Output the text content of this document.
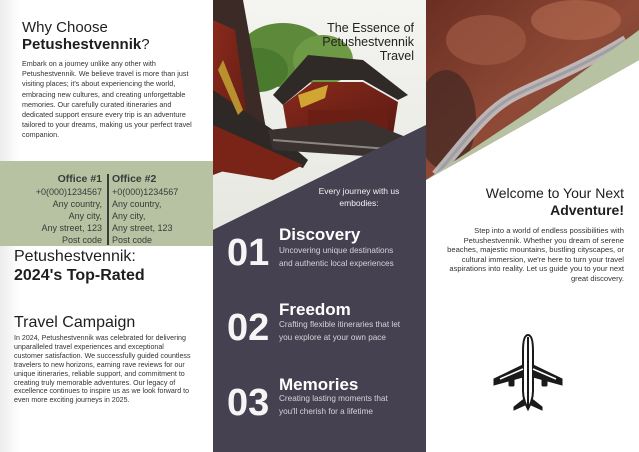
Why Choose
Petushestvennik?
Embark on a journey unlike any other with Petushestvennik. We believe travel is more than just visiting places; it's about experiencing the world, embracing new cultures, and creating unforgettable memories. Our carefully curated itineraries and dedicated support ensure every trip is an adventure tailored to your dreams, making us your perfect travel companion.
Office #1
+0(000)1234567
Any country,
Any city,
Any street, 123
Post code
Office #2
+0(000)1234567
Any country,
Any city,
Any street, 123
Post code
Petushestvennik:
2024's Top-Rated
Travel Campaign
In 2024, Petushestvennik was celebrated for delivering unparalleled travel experiences and exceptional customer satisfaction. We successfully guided countless travelers to new horizons, earning rave reviews for our unique itineraries, reliable support, and commitment to creating truly memorable adventures. Our legacy of excellence continues to inspire us as we look forward to even more exciting journeys in 2025.
The Essence of Petushestvennik Travel
Every journey with us embodies:
01 Discovery
Uncovering unique destinations and authentic local experiences
02 Freedom
Crafting flexible itineraries that let you explore at your own pace
03 Memories
Creating lasting moments that you'll cherish for a lifetime
Welcome to Your Next
Adventure!
Step into a world of endless possibilities with Petushestvennik. Whether you dream of serene beaches, majestic mountains, bustling cityscapes, or cultural immersion, we're here to turn your travel aspirations into reality. Let us guide you to your next great discovery.
